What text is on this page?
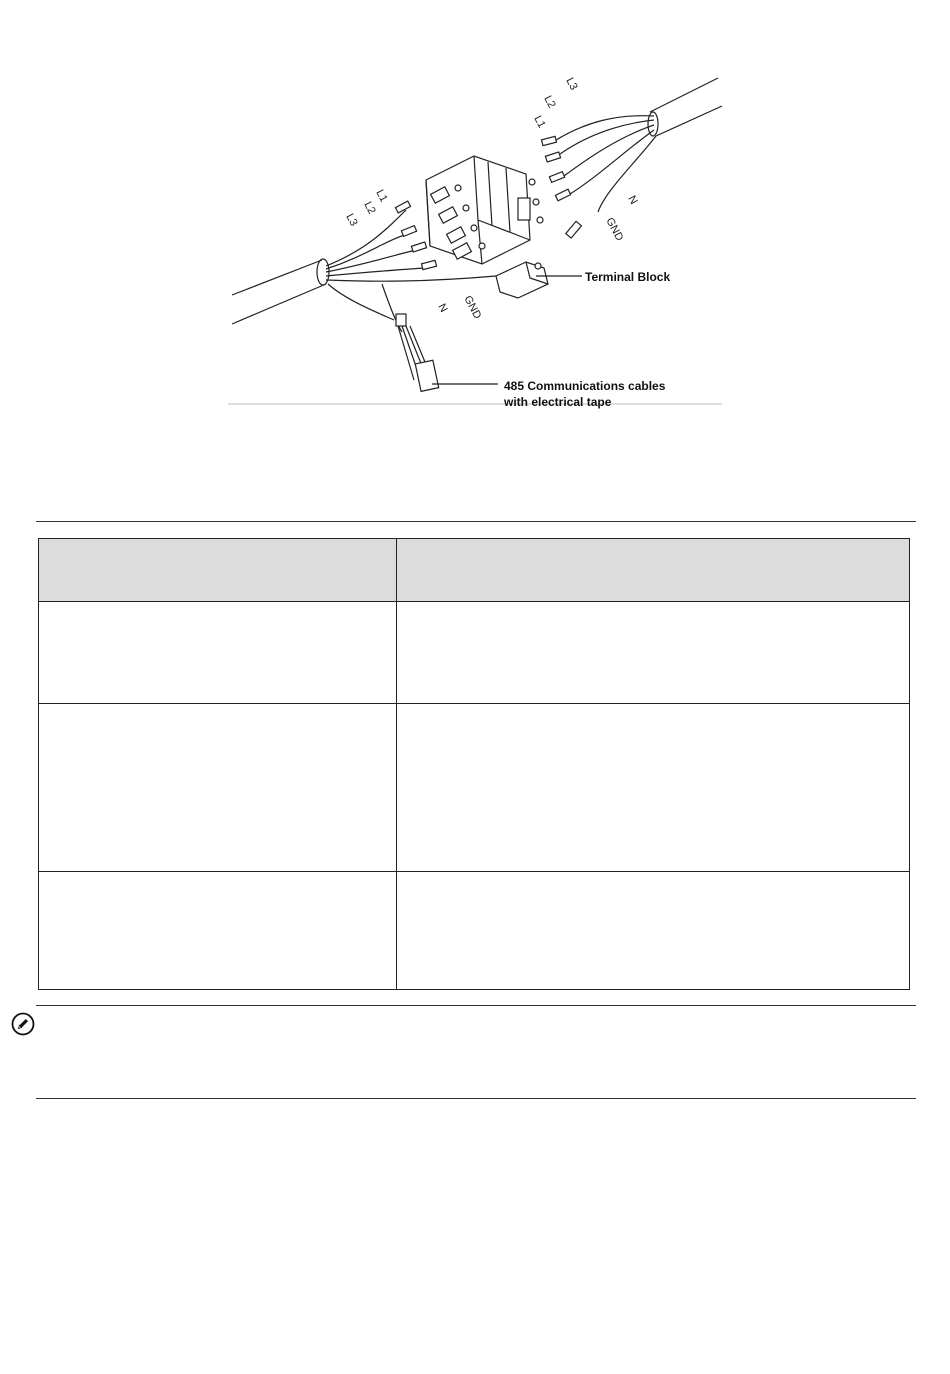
L1
L2
L3
N GND
L1
L2
L3
N
GND
Terminal Block
485 Communications cables
with electrical tape
